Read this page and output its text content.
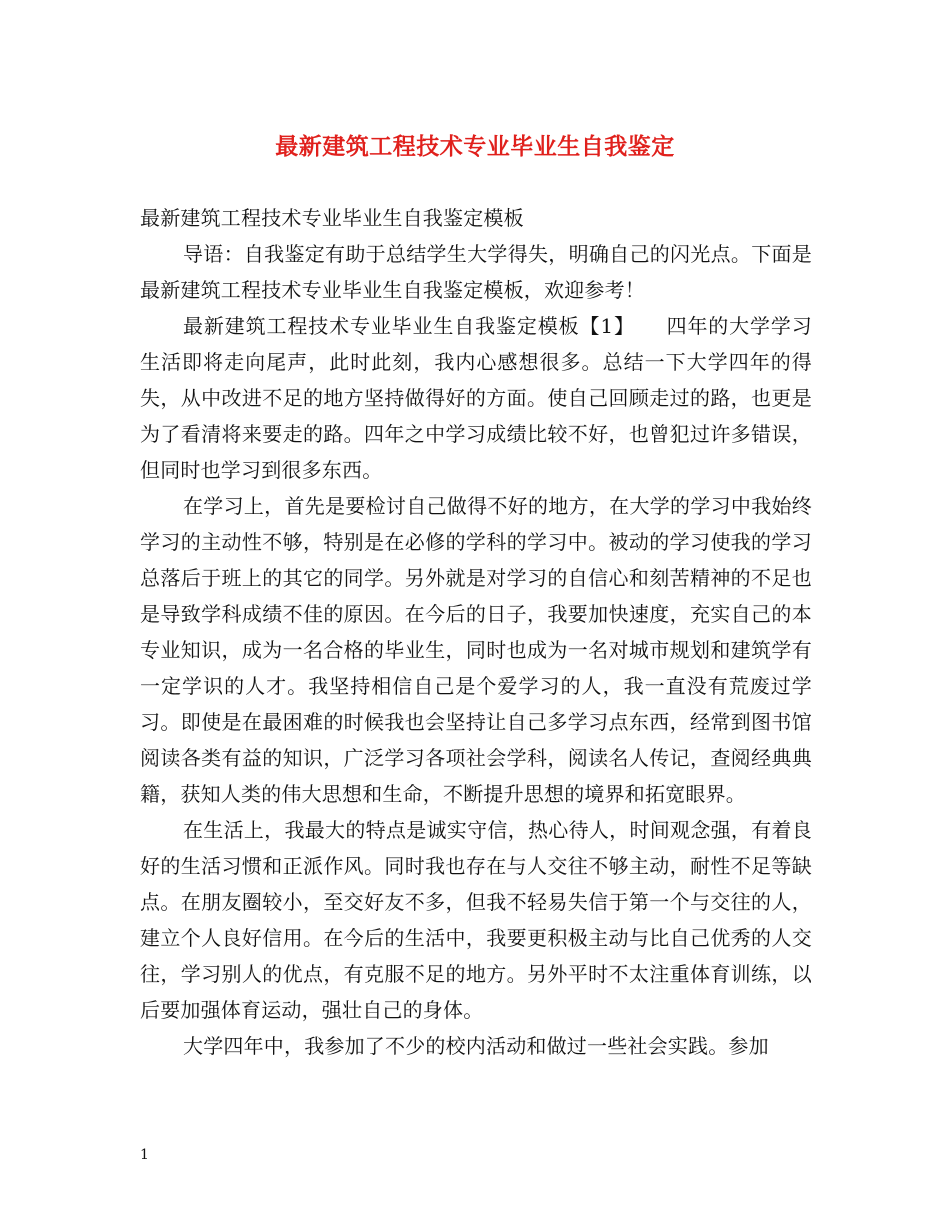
最新建筑工程技术专业毕业生自我鉴定

最新建筑工程技术专业毕业生自我鉴定模板

导语：自我鉴定有助于总结学生大学得失，明确自己的闪光点。下面是最新建筑工程技术专业毕业生自我鉴定模板，欢迎参考！

最新建筑工程技术专业毕业生自我鉴定模板【1】　　四年的大学学习生活即将走向尾声，此时此刻，我内心感想很多。总结一下大学四年的得失，从中改进不足的地方坚持做得好的方面。使自己回顾走过的路，也更是为了看清将来要走的路。四年之中学习成绩比较不好，也曾犯过许多错误，但同时也学习到很多东西。

在学习上，首先是要检讨自己做得不好的地方，在大学的学习中我始终学习的主动性不够，特别是在必修的学科的学习中。被动的学习使我的学习总落后于班上的其它的同学。另外就是对学习的自信心和刻苦精神的不足也是导致学科成绩不佳的原因。在今后的日子，我要加快速度，充实自己的本专业知识，成为一名合格的毕业生，同时也成为一名对城市规划和建筑学有一定学识的人才。我坚持相信自己是个爱学习的人，我一直没有荒废过学习。即使是在最困难的时候我也会坚持让自己多学习点东西，经常到图书馆阅读各类有益的知识，广泛学习各项社会学科，阅读名人传记，查阅经典典籍，获知人类的伟大思想和生命，不断提升思想的境界和拓宽眼界。

在生活上，我最大的特点是诚实守信，热心待人，时间观念强，有着良好的生活习惯和正派作风。同时我也存在与人交往不够主动，耐性不足等缺点。在朋友圈较小，至交好友不多，但我不轻易失信于第一个与交往的人，建立个人良好信用。在今后的生活中，我要更积极主动与比自己优秀的人交往，学习别人的优点，有克服不足的地方。另外平时不太注重体育训练，以后要加强体育运动，强壮自己的身体。

大学四年中，我参加了不少的校内活动和做过一些社会实践。参加

1
